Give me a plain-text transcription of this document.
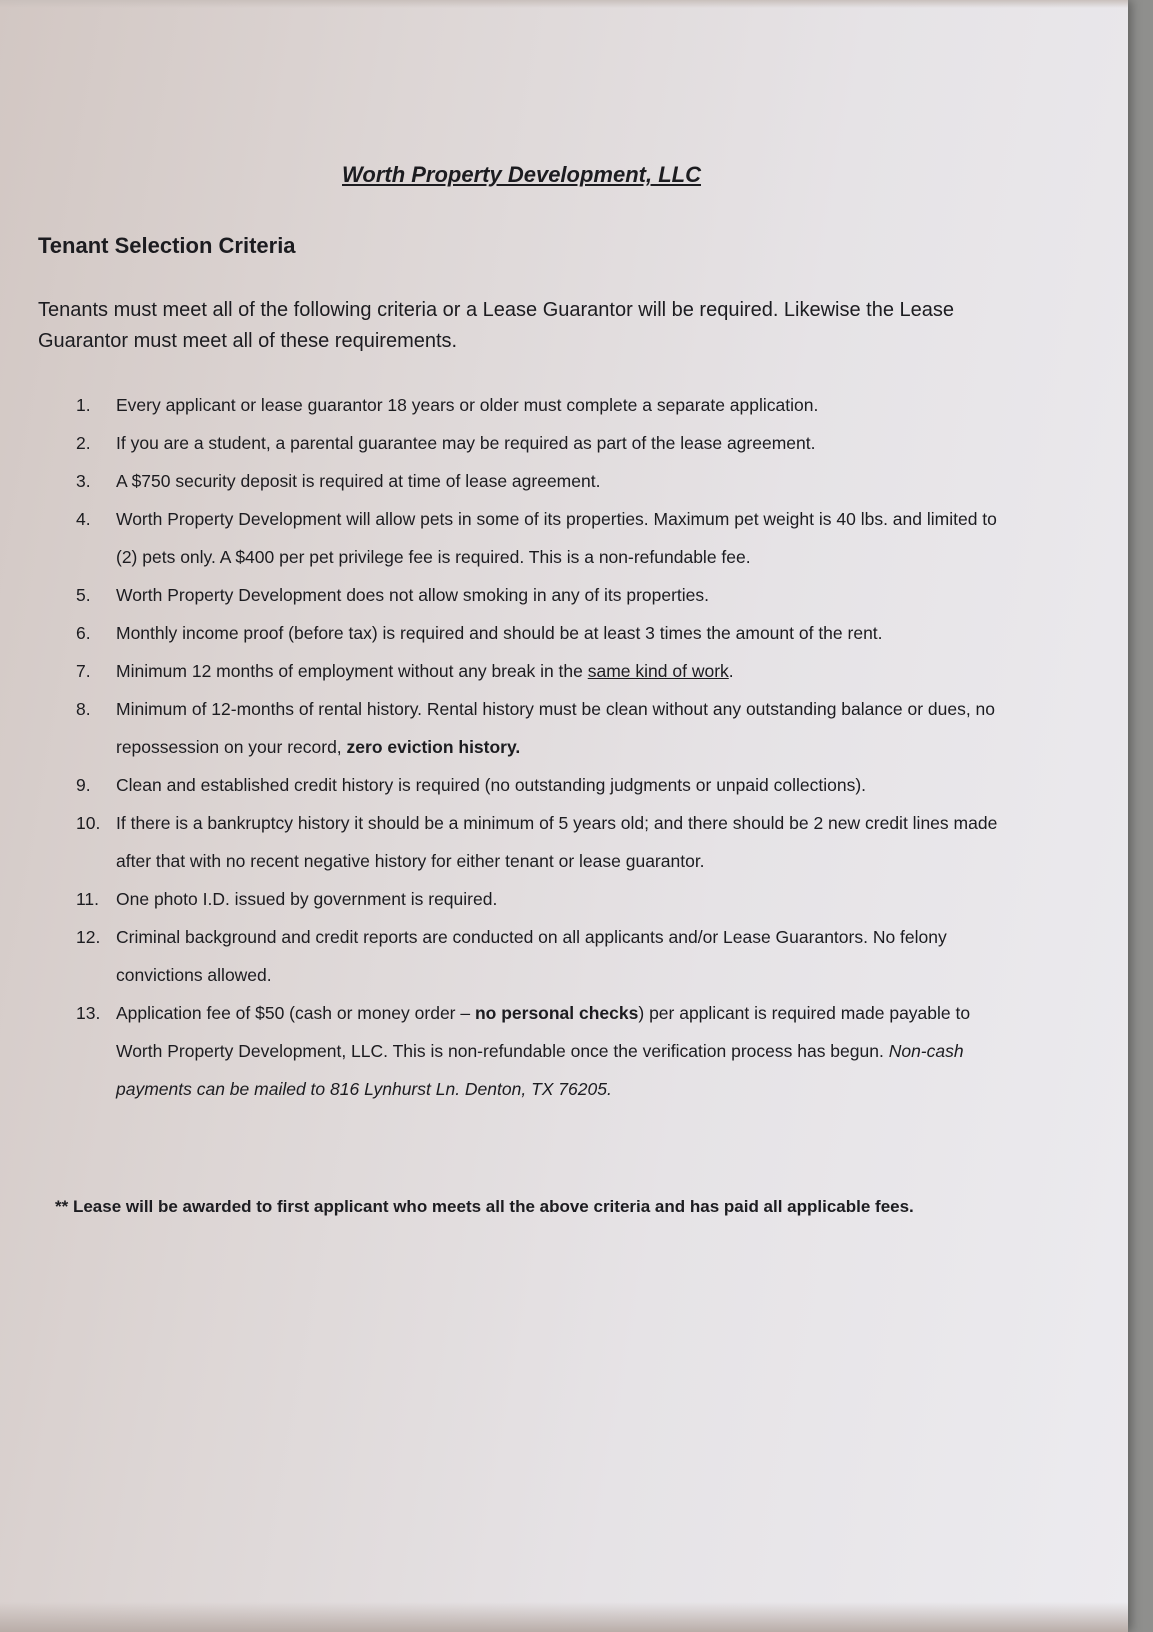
Worth Property Development, LLC
Tenant Selection Criteria
Tenants must meet all of the following criteria or a Lease Guarantor will be required. Likewise the Lease Guarantor must meet all of these requirements.
1.	Every applicant or lease guarantor 18 years or older must complete a separate application.
2.	If you are a student, a parental guarantee may be required as part of the lease agreement.
3.	A $750 security deposit is required at time of lease agreement.
4.	Worth Property Development will allow pets in some of its properties. Maximum pet weight is 40 lbs. and limited to (2) pets only. A $400 per pet privilege fee is required. This is a non-refundable fee.
5.	Worth Property Development does not allow smoking in any of its properties.
6.	Monthly income proof (before tax) is required and should be at least 3 times the amount of the rent.
7.	Minimum 12 months of employment without any break in the same kind of work.
8.	Minimum of 12-months of rental history. Rental history must be clean without any outstanding balance or dues, no repossession on your record, zero eviction history.
9.	Clean and established credit history is required (no outstanding judgments or unpaid collections).
10. If there is a bankruptcy history it should be a minimum of 5 years old; and there should be 2 new credit lines made after that with no recent negative history for either tenant or lease guarantor.
11. One photo I.D. issued by government is required.
12. Criminal background and credit reports are conducted on all applicants and/or Lease Guarantors. No felony convictions allowed.
13. Application fee of $50 (cash or money order – no personal checks) per applicant is required made payable to Worth Property Development, LLC. This is non-refundable once the verification process has begun. Non-cash payments can be mailed to 816 Lynhurst Ln. Denton, TX 76205.
** Lease will be awarded to first applicant who meets all the above criteria and has paid all applicable fees.
